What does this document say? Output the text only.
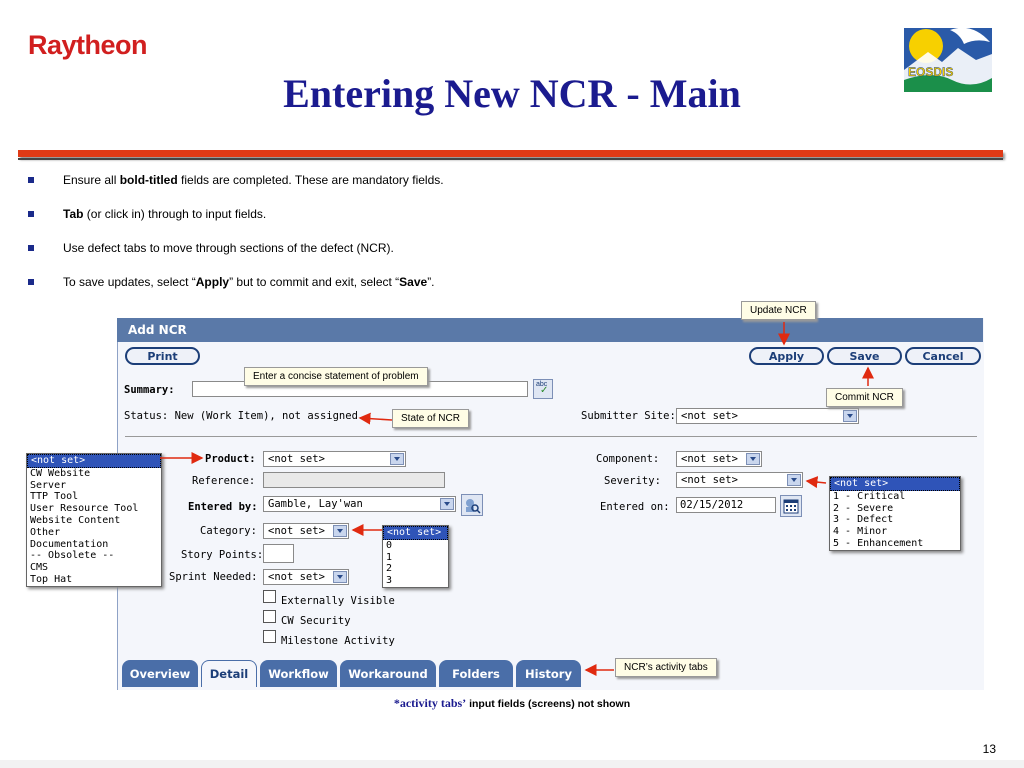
Raytheon
Entering New NCR - Main	EOSDIS
Ensure all bold-titled fields are completed. These are mandatory fields.
Tab (or click in) through to input fields.
Use defect tabs to move through sections of the defect (NCR).
To save updates, select “Apply” but to commit and exit, select “Save”.
Add NCR
Print	Apply	Save	Cancel
Summary:	abc
✓
Status: New (Work Item), not assigned	Submitter Site: <not set>
Product:	<not set>	Component:	<not set>
Reference:	Severity:	<not set>
Entered by: Gamble, Lay'wan	Entered on: 02/15/2012
Category:	<not set>
Story Points:
Sprint Needed: <not set>
Externally Visible
CW Security
Milestone Activity
Overview	Detail	Workflow	Workaround	Folders	History
<not set>
CW Website
Server
TTP Tool
User Resource Tool
Website Content
Other
Documentation
-- Obsolete --
CMS
Top Hat
<not set>
0
1
2
3
<not set>
1 - Critical
2 - Severe
3 - Defect
4 - Minor
5 - Enhancement
Update NCR
Enter a concise statement of problem
State of NCR
Commit NCR
NCR’s activity tabs
*activity tabs’ input fields (screens) not shown
13
